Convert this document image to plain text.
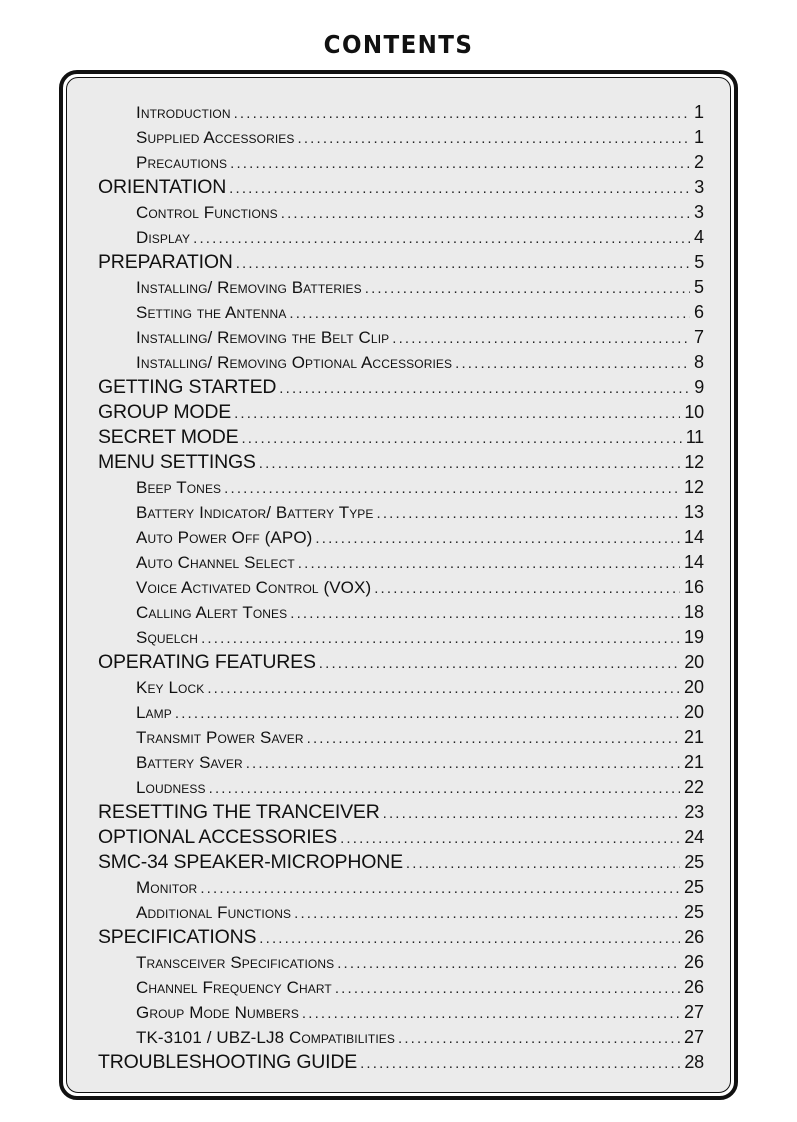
CONTENTS
Introduction . . .	1
Supplied Accessories . . .	1
Precautions . . .	2
ORIENTATION . . .	3
Control Functions . . .	3
Display . . .	4
PREPARATION . . .	5
Installing/ Removing Batteries . . .	5
Setting the Antenna . . .	6
Installing/ Removing the Belt Clip . . .	7
Installing/ Removing Optional Accessories . . .	8
GETTING STARTED . . .	9
GROUP MODE . . .	10
SECRET MODE . . .	11
MENU SETTINGS . . .	12
Beep Tones . . .	12
Battery Indicator/ Battery Type . . .	13
Auto Power Off (APO) . . .	14
Auto Channel Select . . .	14
Voice Activated Control (VOX) . . .	16
Calling Alert Tones . . .	18
Squelch . . .	19
OPERATING FEATURES . . .	20
Key Lock . . .	20
Lamp . . .	20
Transmit Power Saver . . .	21
Battery Saver . . .	21
Loudness . . .	22
RESETTING THE TRANCEIVER . . .	23
OPTIONAL ACCESSORIES . . .	24
SMC-34 SPEAKER-MICROPHONE . . .	25
Monitor . . .	25
Additional Functions . . .	25
SPECIFICATIONS . . .	26
Transceiver Specifications . . .	26
Channel Frequency Chart . . .	26
Group Mode Numbers . . .	27
TK-3101 / UBZ-LJ8 Compatibilities . . .	27
TROUBLESHOOTING GUIDE . . .	28
